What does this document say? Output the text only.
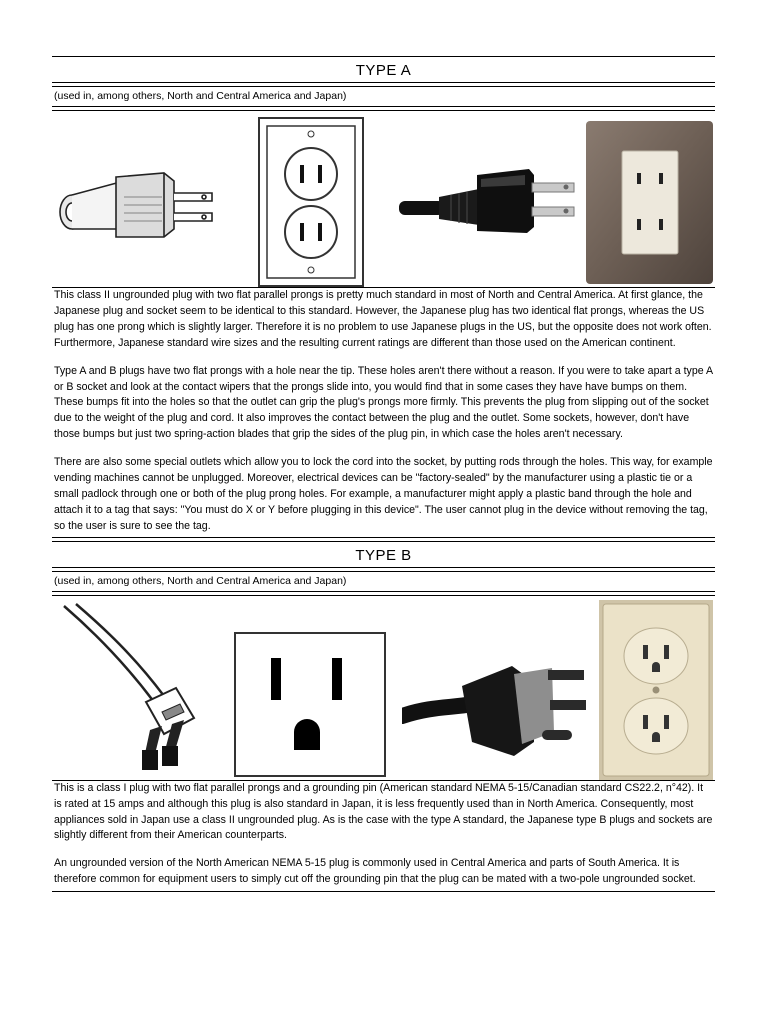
TYPE A
(used in, among others, North and Central America and Japan)

This class II ungrounded plug with two flat parallel prongs is pretty much standard in most of North and Central America. At first glance, the Japanese plug and socket seem to be identical to this standard. However, the Japanese plug has two identical flat prongs, whereas the US plug has one prong which is slightly larger. Therefore it is no problem to use Japanese plugs in the US, but the opposite does not work often. Furthermore, Japanese standard wire sizes and the resulting current ratings are different than those used on the American continent.

Type A and B plugs have two flat prongs with a hole near the tip. These holes aren't there without a reason. If you were to take apart a type A or B socket and look at the contact wipers that the prongs slide into, you would find that in some cases they have have bumps on them. These bumps fit into the holes so that the outlet can grip the plug's prongs more firmly. This prevents the plug from slipping out of the socket due to the weight of the plug and cord. It also improves the contact between the plug and the outlet. Some sockets, however, don't have those bumps but just two spring-action blades that grip the sides of the plug pin, in which case the holes aren't necessary.

There are also some special outlets which allow you to lock the cord into the socket, by putting rods through the holes. This way, for example vending machines cannot be unplugged. Moreover, electrical devices can be "factory-sealed" by the manufacturer using a plastic tie or a small padlock through one or both of the plug prong holes. For example, a manufacturer might apply a plastic band through the hole and attach it to a tag that says: "You must do X or Y before plugging in this device". The user cannot plug in the device without removing the tag, so the user is sure to see the tag.

TYPE B
(used in, among others, North and Central America and Japan)

This is a class I plug with two flat parallel prongs and a grounding pin (American standard NEMA 5-15/Canadian standard CS22.2, n°42). It is rated at 15 amps and although this plug is also standard in Japan, it is less frequently used than in North America. Consequently, most appliances sold in Japan use a class II ungrounded plug. As is the case with the type A standard, the Japanese type B plugs and sockets are slightly different from their American counterparts.

An ungrounded version of the North American NEMA 5-15 plug is commonly used in Central America and parts of South America. It is therefore common for equipment users to simply cut off the grounding pin that the plug can be mated with a two-pole ungrounded socket.
